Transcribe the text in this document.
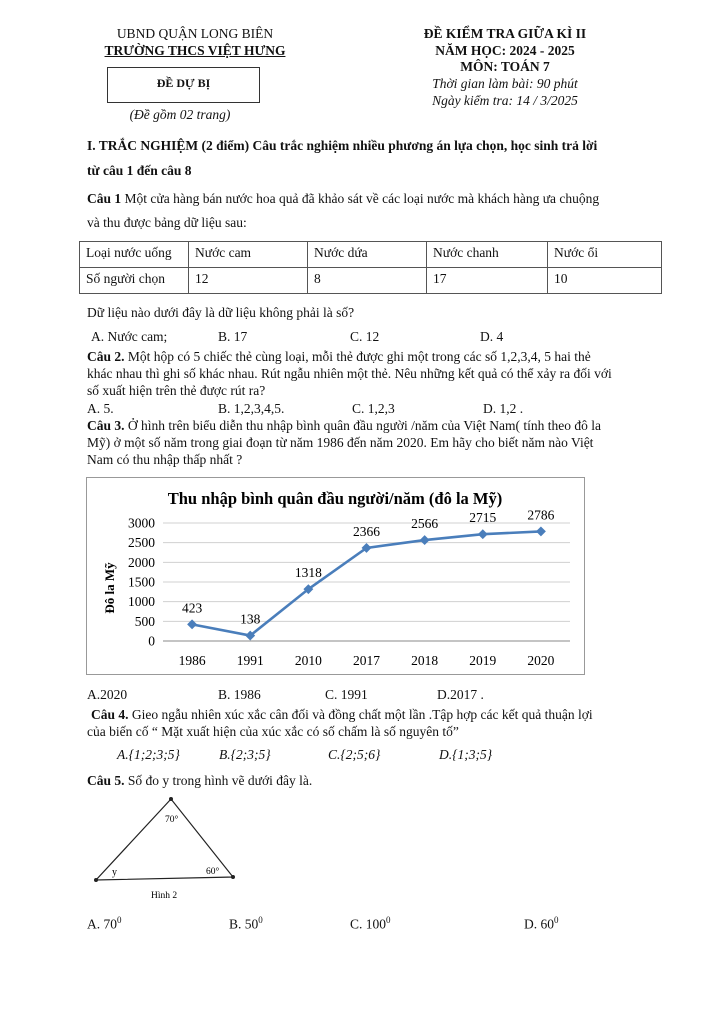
UBND QUẬN LONG BIÊN
TRƯỜNG THCS VIỆT HƯNG
ĐỀ DỰ BỊ
(Đề gồm 02 trang)
ĐỀ KIỂM TRA GIỮA KÌ II
NĂM HỌC: 2024 - 2025
MÔN: TOÁN 7
Thời gian làm bài: 90 phút
Ngày kiểm tra: 14 / 3/2025
I. TRẮC NGHIỆM (2 điểm) Câu trắc nghiệm nhiều phương án lựa chọn, học sinh trả lời
từ câu 1 đến câu 8
Câu 1 Một cửa hàng bán nước hoa quả đã khảo sát về các loại nước mà khách hàng ưa chuộng
và thu được bảng dữ liệu sau:
Loại nước uống	Nước cam	Nước dứa	Nước chanh	Nước ổi
Số người chọn	12	8	17	10
Dữ liệu nào dưới đây là dữ liệu không phải là số?
A. Nước cam;	B. 17	C. 12	D. 4
Câu 2. Một hộp có 5 chiếc thẻ cùng loại, mỗi thẻ được ghi một trong các số 1,2,3,4, 5 hai thẻ
khác nhau thì ghi số khác nhau. Rút ngẫu nhiên một thẻ. Nêu những kết quả có thể xảy ra đối với
số xuất hiện trên thẻ được rút ra?
A. 5.	B. 1,2,3,4,5.	C. 1,2,3	D. 1,2 .
Câu 3. Ở hình trên biểu diễn thu nhập bình quân đầu người /năm của Việt Nam( tính theo đô la
Mỹ) ở một số năm trong giai đoạn từ năm 1986 đến năm 2020. Em hãy cho biết năm nào Việt
Nam có thu nhập thấp nhất ?
Thu nhập bình quân đầu người/năm (đô la Mỹ)
Đô la Mỹ
0
500
1000
1500
2000
2500
3000
1986 1991 2010 2017 2018 2019 2020
423
138
1318
2366
2566 2715 2786
A.2020	B. 1986	C. 1991	D.2017 .
Câu 4. Gieo ngẫu nhiên xúc xắc cân đối và đồng chất một lần .Tập hợp các kết quả thuận lợi
của biến cố “ Mặt xuất hiện của xúc xắc có số chấm là số nguyên tố”
A.{1;2;3;5}	B.{2;3;5}	C.{2;5;6}	D.{1;3;5}
Câu 5. Số đo y trong hình vẽ dưới đây là.
70°
y	60°
Hình 2
A. $70^0$	B. $50^0$	C. $100^0$	D. $60^0$
